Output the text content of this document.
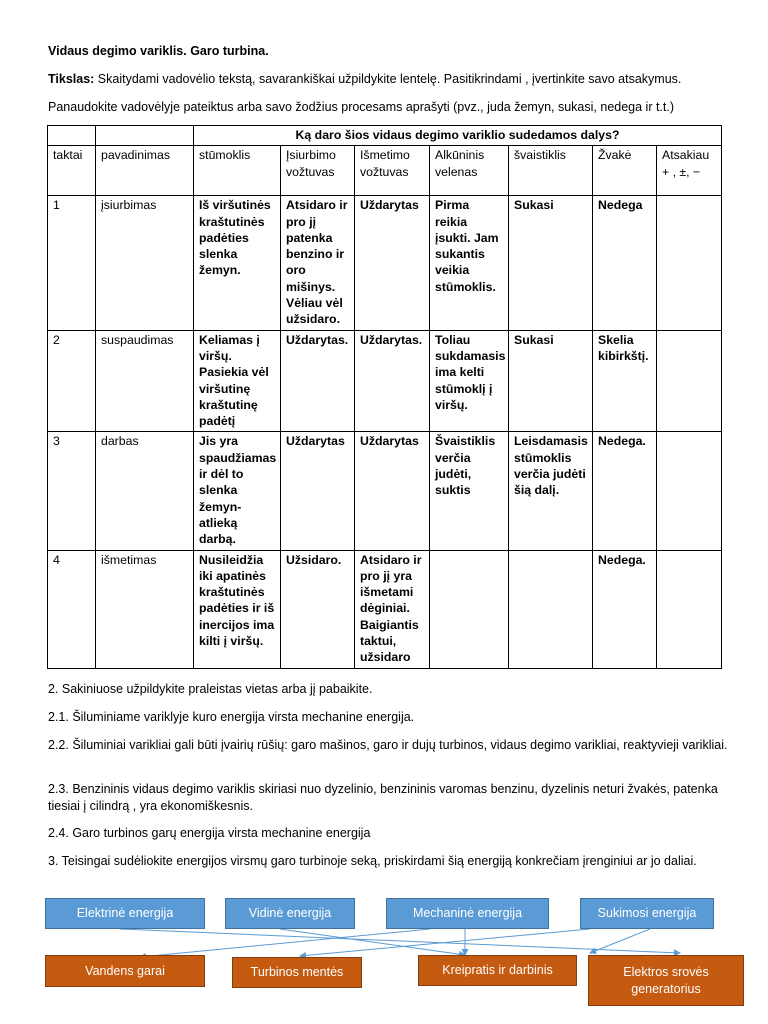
Vidaus degimo variklis. Garo turbina.
Tikslas: Skaitydami vadovėlio tekstą, savarankiškai užpildykite lentelę. Pasitikrindami , įvertinkite savo atsakymus.
Panaudokite vadovėlyje pateiktus arba savo žodžius procesams aprašyti (pvz., juda žemyn, sukasi, nedega ir t.t.)
		Ką daro šios vidaus degimo variklio sudedamos dalys?						
taktai	pavadinimas	stūmoklis	Įsiurbimo vožtuvas	Išmetimo vožtuvas	Alkūninis velenas	švaistiklis	Žvakė	Atsakiau + , ±, −
1	įsiurbimas	Iš viršutinės kraštutinės padėties slenka žemyn.	Atsidaro ir pro jį patenka benzino ir oro mišinys. Vėliau vėl užsidaro.	Uždarytas	Pirma reikia įsukti. Jam sukantis veikia stūmoklis.	Sukasi	Nedega	
2	suspaudimas	Keliamas į viršų. Pasiekia vėl viršutinę kraštutinę padėtį	Uždarytas.	Uždarytas.	Toliau sukdamasis ima kelti stūmoklį į viršų.	Sukasi	Skelia kibirkštį.	
3	darbas	Jis yra spaudžiamas ir dėl to slenka žemyn-atlieką darbą.	Uždarytas	Uždarytas	Švaistiklis verčia judėti, suktis	Leisdamasis stūmoklis verčia judėti šią dalį.	Nedega.	
4	išmetimas	Nusileidžia iki apatinės kraštutinės padėties ir iš inercijos ima kilti į viršų.	Užsidaro.	Atsidaro ir pro jį yra išmetami dėginiai. Baigiantis taktui, užsidaro			Nedega.	
2. Sakiniuose užpildykite praleistas vietas arba jį pabaikite.
2.1. Šiluminiame variklyje kuro energija virsta mechanine energija.
2.2. Šiluminiai varikliai gali būti įvairių rūšių: garo mašinos, garo ir dujų turbinos, vidaus degimo varikliai, reaktyvieji varikliai.
2.3. Benzininis vidaus degimo variklis skiriasi nuo dyzelinio, benzininis varomas benzinu, dyzelinis neturi žvakės, patenka tiesiai į cilindrą , yra ekonomiškesnis.
2.4. Garo turbinos garų energija virsta mechanine energija
3. Teisingai sudėliokite energijos virsmų garo turbinoje seką, priskirdami šią energiją konkrečiam įrenginiui ar jo daliai.
Elektrinė energija	Vidinė energija	Mechaninė energija	Sukimosi energija
Vandens garai	Turbinos mentės	Kreipratis ir darbinis	Elektros srovės generatorius
